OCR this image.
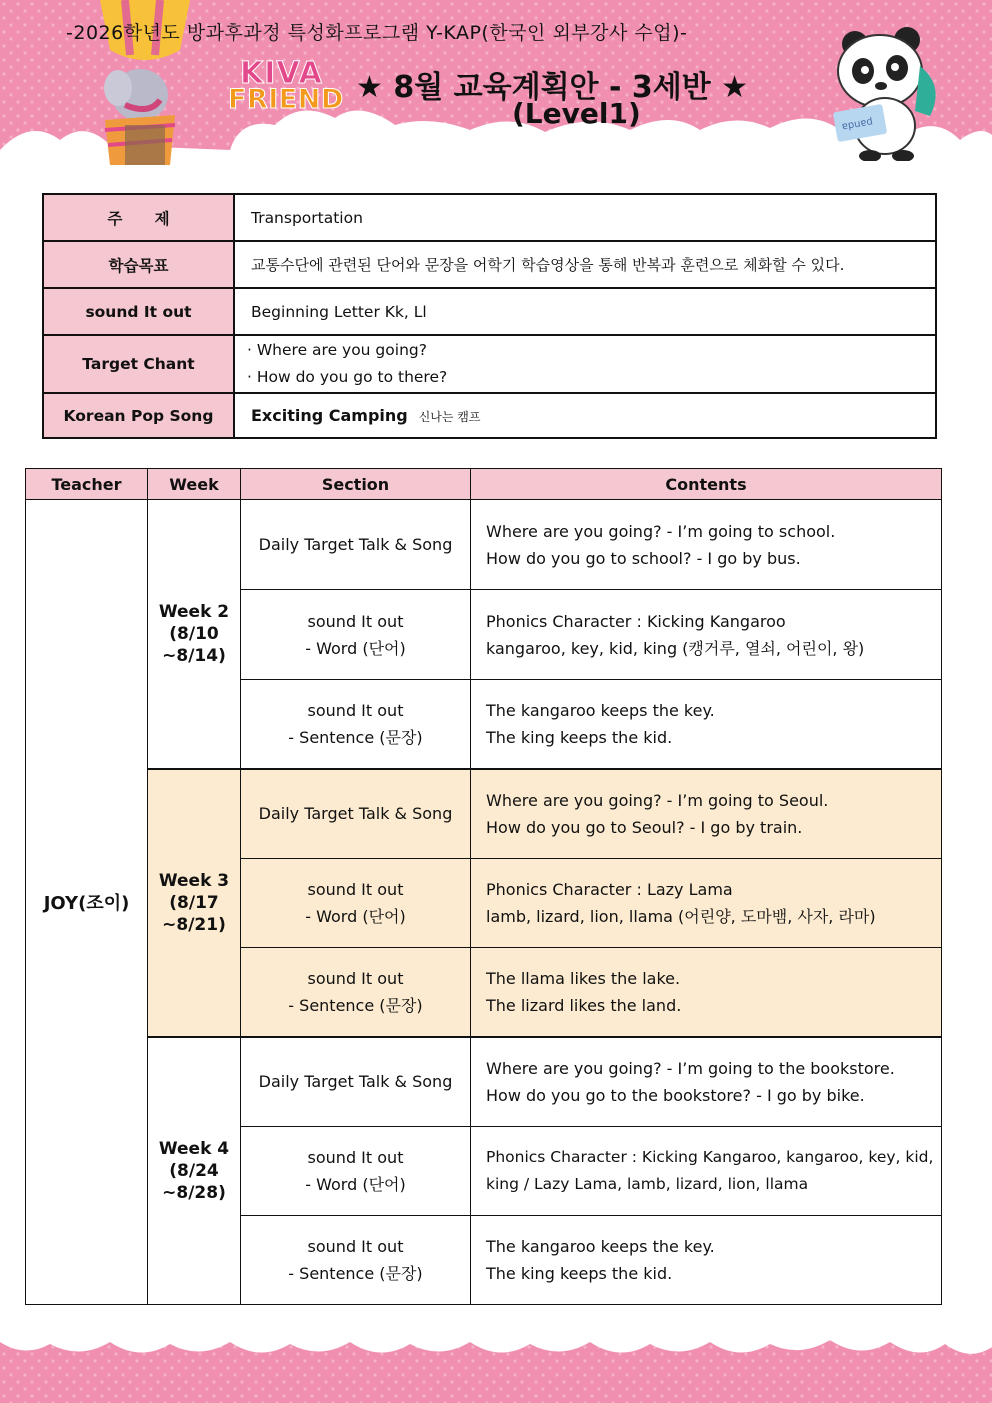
KIVA
FRIEND
-2026학년도 방과후과정 특성화프로그램 Y-KAP(한국인 외부강사 수업)-
★ 8월 교육계획안 - 3세반 ★
(Level1)	panda
주      제	Transportation
학습목표	교통수단에 관련된 단어와 문장을 어학기 학습영상을 통해 반복과 훈련으로 체화할 수 있다.
sound It out	Beginning Letter Kk, Ll
Target Chant	· Where are you going?
· How do you go to there?

Korean Pop Song	Exciting Camping 신나는 캠프
Teacher	Week	Section	Contents
JOY(조이)	Week 2
(8/10
~8/14)	Daily Target Talk & Song	Where are you going? - I’m going to school.
How do you go to school? - I go by bus.

		sound It out
- Word (단어)	Phonics Character : Kicking Kangaroo
kangaroo, key, kid, king (캥거루, 열쇠, 어린이, 왕)

		sound It out
- Sentence (문장)	The kangaroo keeps the key.
The king keeps the kid.

	Week 3
(8/17
~8/21)	Daily Target Talk & Song	Where are you going? - I’m going to Seoul.
How do you go to Seoul? - I go by train.

		sound It out
- Word (단어)	Phonics Character : Lazy Lama
lamb, lizard, lion, llama (어린양, 도마뱀, 사자, 라마)

		sound It out
- Sentence (문장)	The llama likes the lake.
The lizard likes the land.

	Week 4
(8/24
~8/28)	Daily Target Talk & Song	Where are you going? - I’m going to the bookstore.
How do you go to the bookstore? - I go by bike.

		sound It out
- Word (단어)	Phonics Character : Kicking Kangaroo, kangaroo, key, kid,
king / Lazy Lama, lamb, lizard, lion, llama

		sound It out
- Sentence (문장)	The kangaroo keeps the key.
The king keeps the kid.
